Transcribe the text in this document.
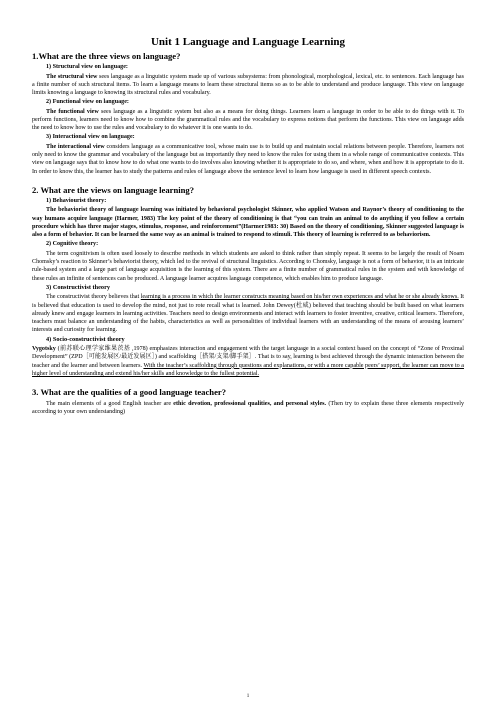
Unit 1 Language and Language Learning
1.What are the three views on language?
1) Structural view on language:
The structural view sees language as a linguistic system made up of various subsystems: from phonological, morphological, lexical, etc. to sentences. Each language has a finite number of such structural items. To learn a language means to learn these structural items so as to be able to understand and produce language. This view on language limits knowing a language to knowing its structural rules and vocabulary.
2) Functional view on language:
The functional view sees language as a linguistic system but also as a means for doing things. Learners learn a language in order to be able to do things with it. To perform functions, learners need to know how to combine the grammatical rules and the vocabulary to express notions that perform the functions. This view on language adds the need to know how to use the rules and vocabulary to do whatever it is one wants to do.
3) Interactional view on language:
The interactional view considers language as a communicative tool, whose main use is to build up and maintain social relations between people. Therefore, learners not only need to know the grammar and vocabulary of the language but as importantly they need to know the rules for using them in a whole range of communicative contexts. This view on language says that to know how to do what one wants to do involves also knowing whether it is appropriate to do so, and where, when and how it is appropriate to do it. In order to know this, the learner has to study the patterns and rules of language above the sentence level to learn how language is used in different speech contexts.
2. What are the views on language learning?
1) Behaviourist theory:
The behaviorist theory of language learning was initiated by behavioral psychologist Skinner, who applied Watson and Raynor’s theory of conditioning to the way humans acquire language (Harmer, 1983) The key point of the theory of conditioning is that “you can train an animal to do anything if you follow a certain procedure which has three major stages, stimulus, response, and reinforcement”(Harmer1983: 30) Based on the theory of conditioning, Skinner suggested language is also a form of behavior. It can be learned the same way as an animal is trained to respond to stimuli. This theory of learning is referred to as behaviorism.
2) Cognitive theory:
The term cognitivism is often used loosely to describe methods in which students are asked to think rather than simply repeat. It seems to be largely the result of Noam Chomsky’s reaction to Skinner’s behaviorist theory, which led to the revival of structural linguistics. According to Chomsky, language is not a form of behavior, it is an intricate rule-based system and a large part of language acquisition is the learning of this system. There are a finite number of grammatical rules in the system and with knowledge of these rules an infinite of sentences can be produced. A language learner acquires language competence, which enables him to produce language.
3) Constructivist theory
The constructivist theory believes that learning is a process in which the learner constructs meaning based on his/her own experiences and what he or she already knows. It is believed that education is used to develop the mind, not just to rote recall what is learned. John Dewey(杜威) believed that teaching should be built based on what learners already knew and engage learners in learning activities. Teachers need to design environments and interact with learners to foster inventive, creative, critical learners. Therefore, teachers must balance an understanding of the habits, characteristics as well as personalities of individual learners with an understanding of the means of arousing learners’ interests and curiosity for learning.
4) Socio-constructivist theory
Vygotsky (前苏联心理学家维果茨基 ,1978) emphasizes interaction and engagement with the target language in a social context based on the concept of “Zone of Proximal Development” (ZPD［可能发展区/最近发展区］) and scaffolding［搭架/支架/脚手架］. That is to say, learning is best achieved through the dynamic interaction between the teacher and the learner and between learners. With the teacher’s scaffolding through questions and explanations, or with a more capable peers’ support, the learner can move to a higher level of understanding and extend his/her skills and knowledge to the fullest potential.
3. What are the qualities of a good language teacher?
The main elements of a good English teacher are ethic devotion, professional qualities, and personal styles. (Then try to explain these three elements respectively according to your own understanding)
1
